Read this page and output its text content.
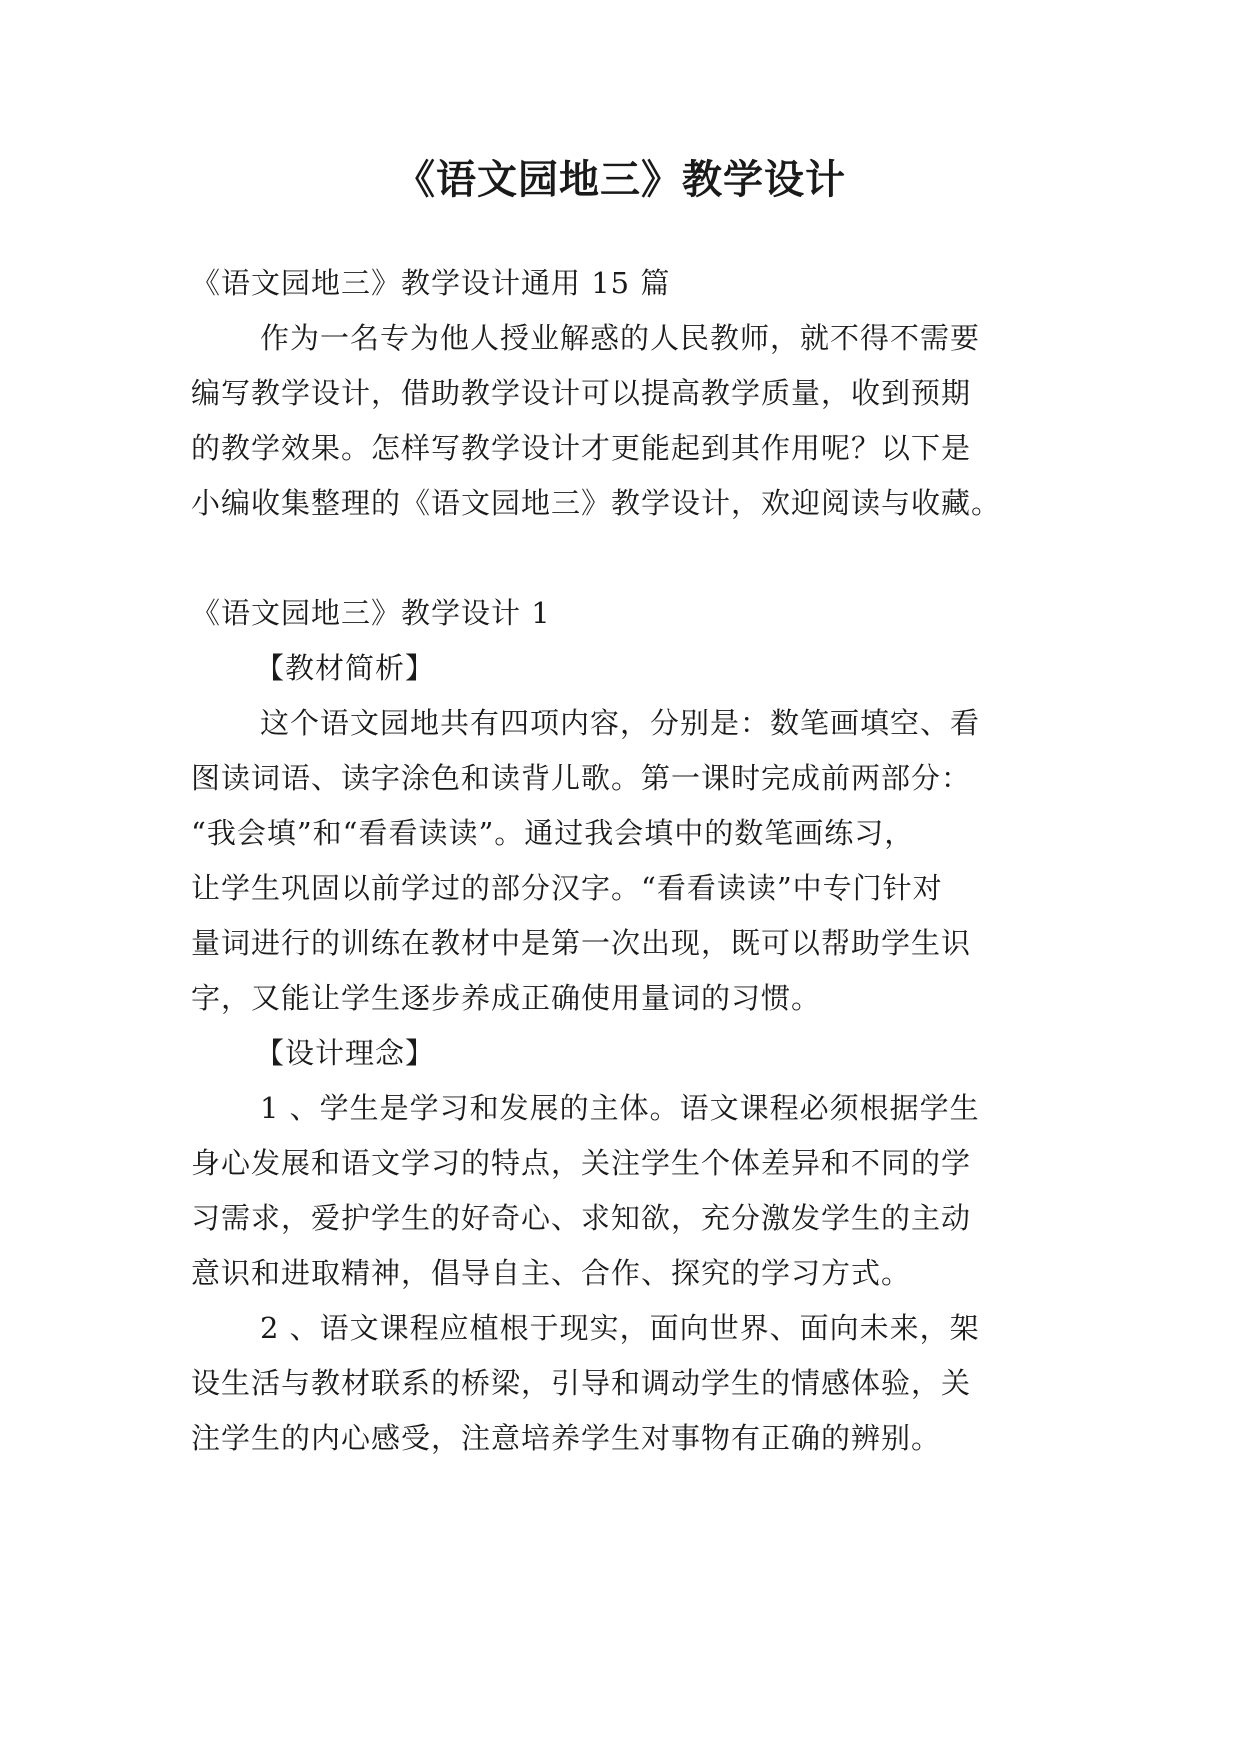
《语文园地三》教学设计

《语文园地三》教学设计通用 15 篇

作为一名专为他人授业解惑的人民教师，就不得不需要

编写教学设计，借助教学设计可以提高教学质量，收到预期

的教学效果。怎样写教学设计才更能起到其作用呢？以下是

小编收集整理的《语文园地三》教学设计，欢迎阅读与收藏。

《语文园地三》教学设计 1

【教材简析】

这个语文园地共有四项内容，分别是：数笔画填空、看

图读词语、读字涂色和读背儿歌。第一课时完成前两部分：

“我会填”和“看看读读”。通过我会填中的数笔画练习，

让学生巩固以前学过的部分汉字。“看看读读”中专门针对

量词进行的训练在教材中是第一次出现，既可以帮助学生识

字，又能让学生逐步养成正确使用量词的习惯。

【设计理念】

1 、学生是学习和发展的主体。语文课程必须根据学生

身心发展和语文学习的特点，关注学生个体差异和不同的学

习需求，爱护学生的好奇心、求知欲，充分激发学生的主动

意识和进取精神，倡导自主、合作、探究的学习方式。

2 、语文课程应植根于现实，面向世界、面向未来，架

设生活与教材联系的桥梁，引导和调动学生的情感体验，关

注学生的内心感受，注意培养学生对事物有正确的辨别。
